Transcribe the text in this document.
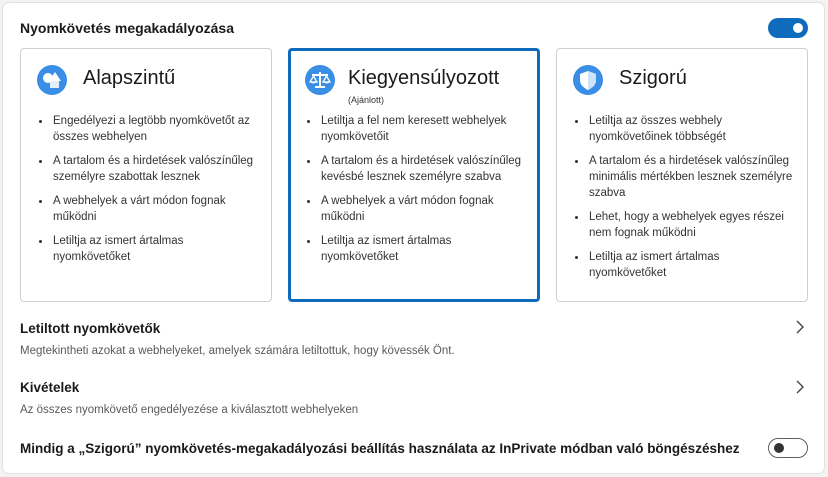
Nyomkövetés megakadályozása
Alapszintű
Engedélyezi a legtöbb nyomkövetőt az összes webhelyen
A tartalom és a hirdetések valószínűleg személyre szabottak lesznek
A webhelyek a várt módon fognak működni
Letiltja az ismert ártalmas nyomkövetőket
Kiegyensúlyozott
(Ajánlott)
Letiltja a fel nem keresett webhelyek nyomkövetőit
A tartalom és a hirdetések valószínűleg kevésbé lesznek személyre szabva
A webhelyek a várt módon fognak működni
Letiltja az ismert ártalmas nyomkövetőket
Szigorú
Letiltja az összes webhely nyomkövetőinek többségét
A tartalom és a hirdetések valószínűleg minimális mértékben lesznek személyre szabva
Lehet, hogy a webhelyek egyes részei nem fognak működni
Letiltja az ismert ártalmas nyomkövetőket
Letiltott nyomkövetők
Megtekintheti azokat a webhelyeket, amelyek számára letiltottuk, hogy kövessék Önt.
Kivételek
Az összes nyomkövető engedélyezése a kiválasztott webhelyeken
Mindig a „Szigorú” nyomkövetés-megakadályozási beállítás használata az InPrivate módban való böngészéshez
